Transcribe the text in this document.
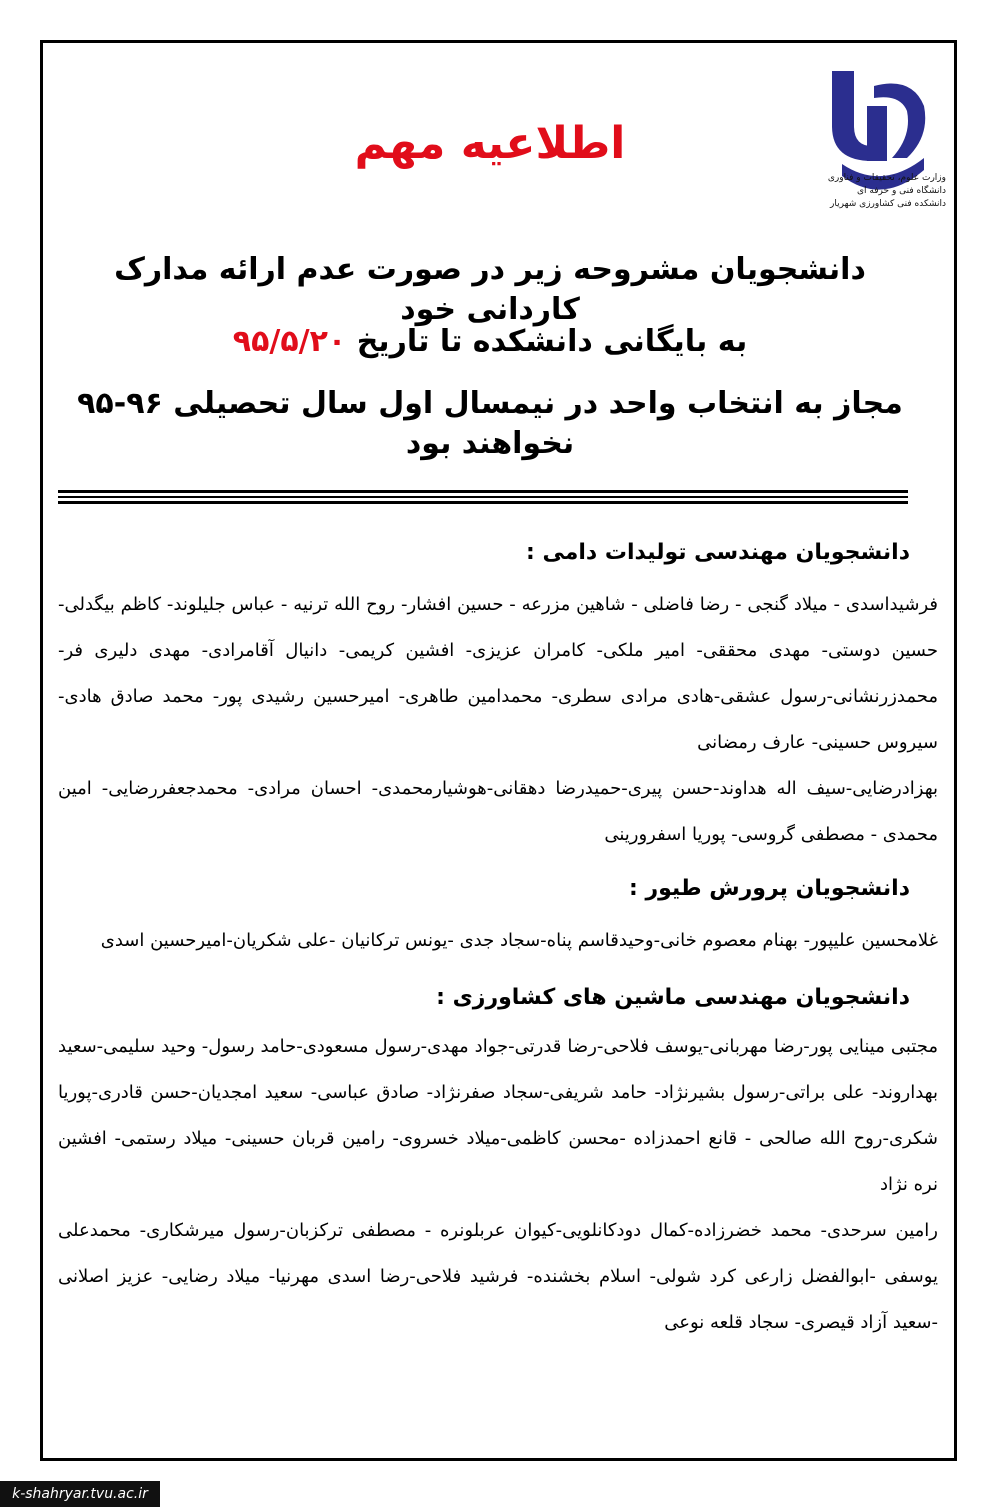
وزارت علوم، تحقیقات و فناوری
دانشگاه فنی و حرفه ای
دانشکده فنی کشاورزی شهریار
اطلاعیه مهم
دانشجویان مشروحه زیر در صورت عدم ارائه مدارک کاردانی خود
به بایگانی دانشکده تا تاریخ ۹۵/۵/۲۰
مجاز به انتخاب واحد در نیمسال اول سال تحصیلی ۹۶-۹۵ نخواهند بود
دانشجویان مهندسی تولیدات دامی :
فرشیداسدی - میلاد گنجی - رضا فاضلی - شاهین مزرعه - حسین افشار- روح الله ترنیه - عباس جلیلوند- کاظم بیگدلی- حسین دوستی- مهدی محققی- امیر ملکی- کامران عزیزی- افشین کریمی- دانیال آقامرادی- مهدی دلیری فر-محمدزرنشانی-رسول عشقی-هادی مرادی سطری- محمدامین طاهری- امیرحسین رشیدی پور- محمد صادق هادی- سیروس حسینی- عارف رمضانی
بهزادرضایی-سیف اله هداوند-حسن پیری-حمیدرضا دهقانی-هوشیارمحمدی- احسان مرادی- محمدجعفررضایی- امین محمدی - مصطفی گروسی- پوریا اسفرورینی
دانشجویان پرورش طیور :
غلامحسین علیپور- بهنام معصوم خانی-وحیدقاسم پناه-سجاد جدی -یونس ترکانیان -علی شکریان-امیرحسین اسدی
دانشجویان مهندسی ماشین های کشاورزی :
مجتبی مینایی پور-رضا مهربانی-یوسف فلاحی-رضا قدرتی-جواد مهدی-رسول مسعودی-حامد رسول- وحید سلیمی-سعید بهداروند- علی براتی-رسول بشیرنژاد- حامد شریفی-سجاد صفرنژاد- صادق عباسی- سعید امجدیان-حسن قادری-پوریا شکری-روح الله صالحی - قانع احمدزاده -محسن کاظمی-میلاد خسروی- رامین قربان حسینی- میلاد رستمی- افشین نره نژاد
رامین سرحدی- محمد خضرزاده-کمال دودکانلویی-کیوان عربلونره - مصطفی ترکزبان-رسول میرشکاری- محمدعلی یوسفی -ابوالفضل زارعی کرد شولی- اسلام بخشنده- فرشید فلاحی-رضا اسدی مهرنیا- میلاد رضایی- عزیز اصلانی -سعید آزاد قیصری- سجاد قلعه نوعی
k-shahryar.tvu.ac.ir
